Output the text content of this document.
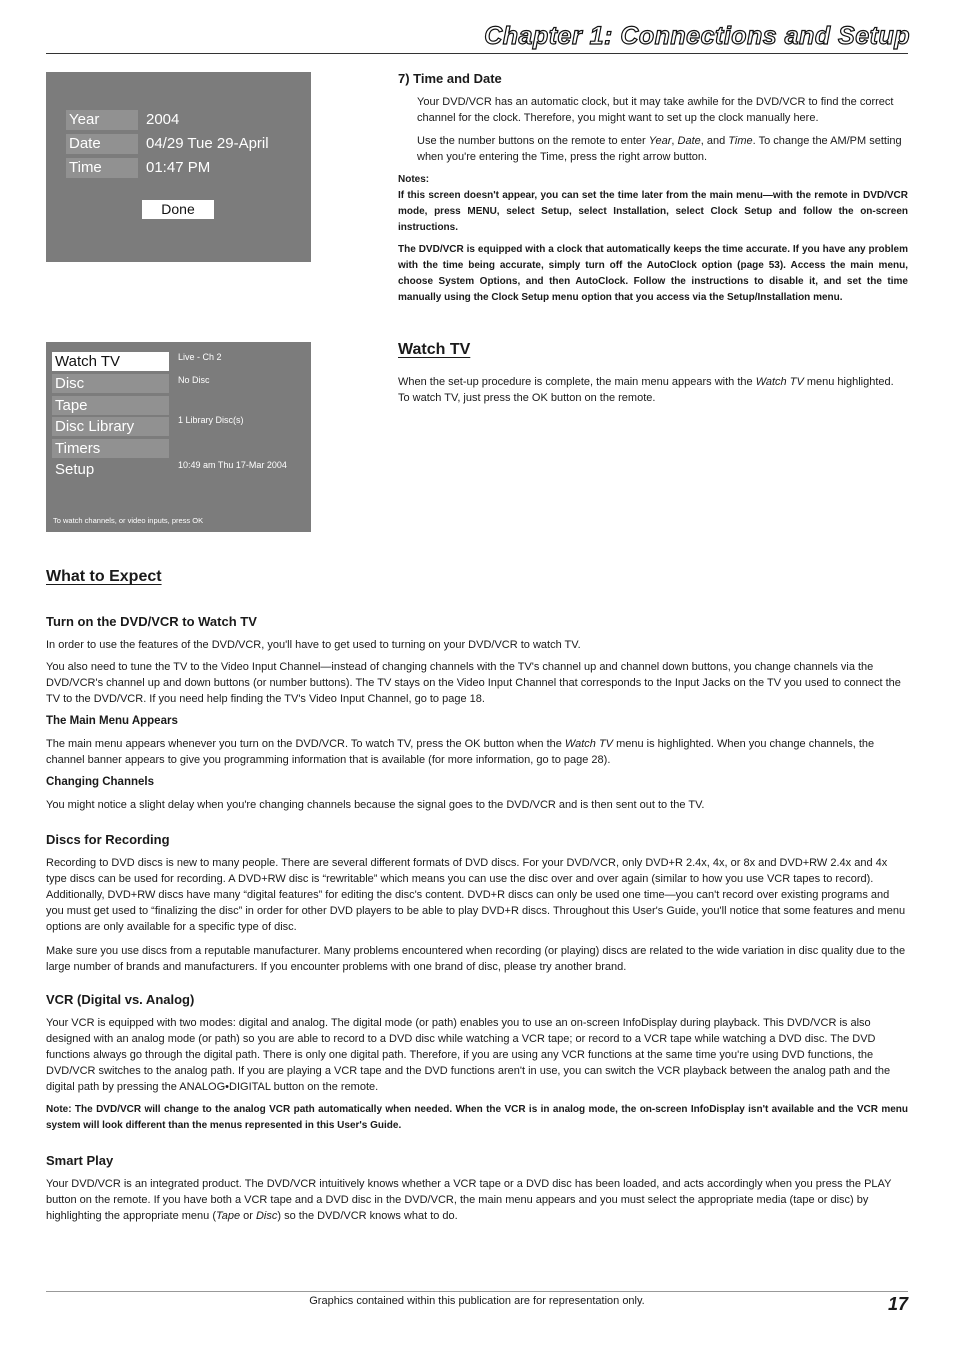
Chapter 1: Connections and Setup
Year	2004
Date	04/29 Tue 29-April
Time	01:47 PM
Done
Watch TV
Disc
Tape
Disc Library
Timers
Setup
Live - Ch 2
No Disc
1 Library Disc(s)
10:49 am Thu 17-Mar 2004
To watch channels, or video inputs, press OK
7) Time and Date
Your DVD/VCR has an automatic clock, but it may take awhile for the DVD/VCR to find the correct channel for the clock. Therefore, you might want to set up the clock manually here.
Use the number buttons on the remote to enter Year, Date, and Time. To change the AM/PM setting when you're entering the Time, press the right arrow button.
Notes:
If this screen doesn't appear, you can set the time later from the main menu—with the remote in DVD/VCR mode, press MENU, select Setup, select Installation, select Clock Setup and follow the on-screen instructions.
The DVD/VCR is equipped with a clock that automatically keeps the time accurate. If you have any problem with the time being accurate, simply turn off the AutoClock option (page 53). Access the main menu, choose System Options, and then AutoClock. Follow the instructions to disable it, and set the time manually using the Clock Setup menu option that you access via the Setup/Installation menu.
Watch TV
When the set-up procedure is complete, the main menu appears with the Watch TV menu highlighted. To watch TV, just press the OK button on the remote.
What to Expect
Turn on the DVD/VCR to Watch TV
In order to use the features of the DVD/VCR, you'll have to get used to turning on your DVD/VCR to watch TV.
You also need to tune the TV to the Video Input Channel—instead of changing channels with the TV's channel up and channel down buttons, you change channels via the DVD/VCR's channel up and down buttons (or number buttons). The TV stays on the Video Input Channel that corresponds to the Input Jacks on the TV you used to connect the TV to the DVD/VCR. If you need help finding the TV's Video Input Channel, go to page 18.
The Main Menu Appears
The main menu appears whenever you turn on the DVD/VCR. To watch TV, press the OK button when the Watch TV menu is highlighted. When you change channels, the channel banner appears to give you programming information that is available (for more information, go to page 28).
Changing Channels
You might notice a slight delay when you're changing channels because the signal goes to the DVD/VCR and is then sent out to the TV.
Discs for Recording
Recording to DVD discs is new to many people. There are several different formats of DVD discs. For your DVD/VCR, only DVD+R 2.4x, 4x, or 8x and DVD+RW 2.4x and 4x type discs can be used for recording. A DVD+RW disc is “rewritable” which means you can use the disc over and over again (similar to how you use VCR tapes to record). Additionally, DVD+RW discs have many “digital features” for editing the disc's content. DVD+R discs can only be used one time—you can't record over existing programs and you must get used to “finalizing the disc” in order for other DVD players to be able to play DVD+R discs. Throughout this User's Guide, you'll notice that some features and menu options are only available for a specific type of disc.
Make sure you use discs from a reputable manufacturer. Many problems encountered when recording (or playing) discs are related to the wide variation in disc quality due to the large number of brands and manufacturers. If you encounter problems with one brand of disc, please try another brand.
VCR (Digital vs. Analog)
Your VCR is equipped with two modes: digital and analog. The digital mode (or path) enables you to use an on-screen InfoDisplay during playback. This DVD/VCR is also designed with an analog mode (or path) so you are able to record to a DVD disc while watching a VCR tape; or record to a VCR tape while watching a DVD disc. The DVD functions always go through the digital path. There is only one digital path. Therefore, if you are using any VCR functions at the same time you're using DVD functions, the DVD/VCR switches to the analog path. If you are playing a VCR tape and the DVD functions aren't in use, you can switch the VCR playback between the analog path and the digital path by pressing the ANALOG•DIGITAL button on the remote.
Note: The DVD/VCR will change to the analog VCR path automatically when needed. When the VCR is in analog mode, the on-screen InfoDisplay isn't available and the VCR menu system will look different than the menus represented in this User's Guide.
Smart Play
Your DVD/VCR is an integrated product. The DVD/VCR intuitively knows whether a VCR tape or a DVD disc has been loaded, and acts accordingly when you press the PLAY button on the remote. If you have both a VCR tape and a DVD disc in the DVD/VCR, the main menu appears and you must select the appropriate media (tape or disc) by highlighting the appropriate menu (Tape or Disc) so the DVD/VCR knows what to do.
Graphics contained within this publication are for representation only.	17
